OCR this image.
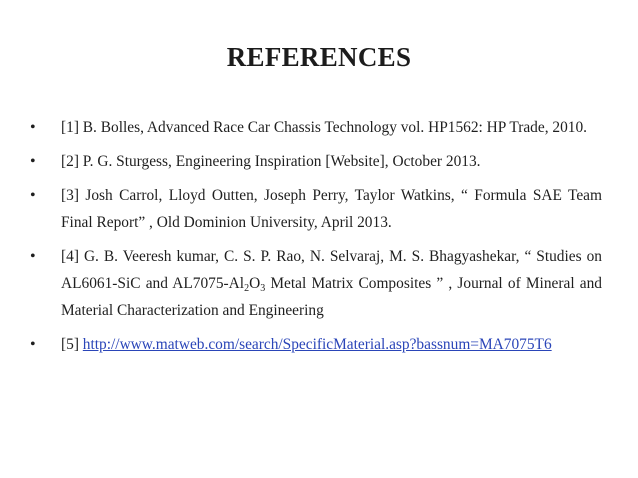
REFERENCES
• [1] B. Bolles, Advanced Race Car Chassis Technology vol. HP1562: HP Trade, 2010.
• [2] P. G. Sturgess, Engineering Inspiration [Website], October 2013.
• [3] Josh Carrol, Lloyd Outten, Joseph Perry, Taylor Watkins, “ Formula SAE Team Final Report” , Old Dominion University, April 2013.
• [4] G. B. Veeresh kumar, C. S. P. Rao, N. Selvaraj, M. S. Bhagyashekar, “ Studies on AL6061-SiC and $AL7075-Al_2O_3$ Metal Matrix Composites ” , Journal of Mineral and Material Characterization and Engineering
• [5] http://www.matweb.com/search/SpecificMaterial.asp?bassnum=MA7075T6
